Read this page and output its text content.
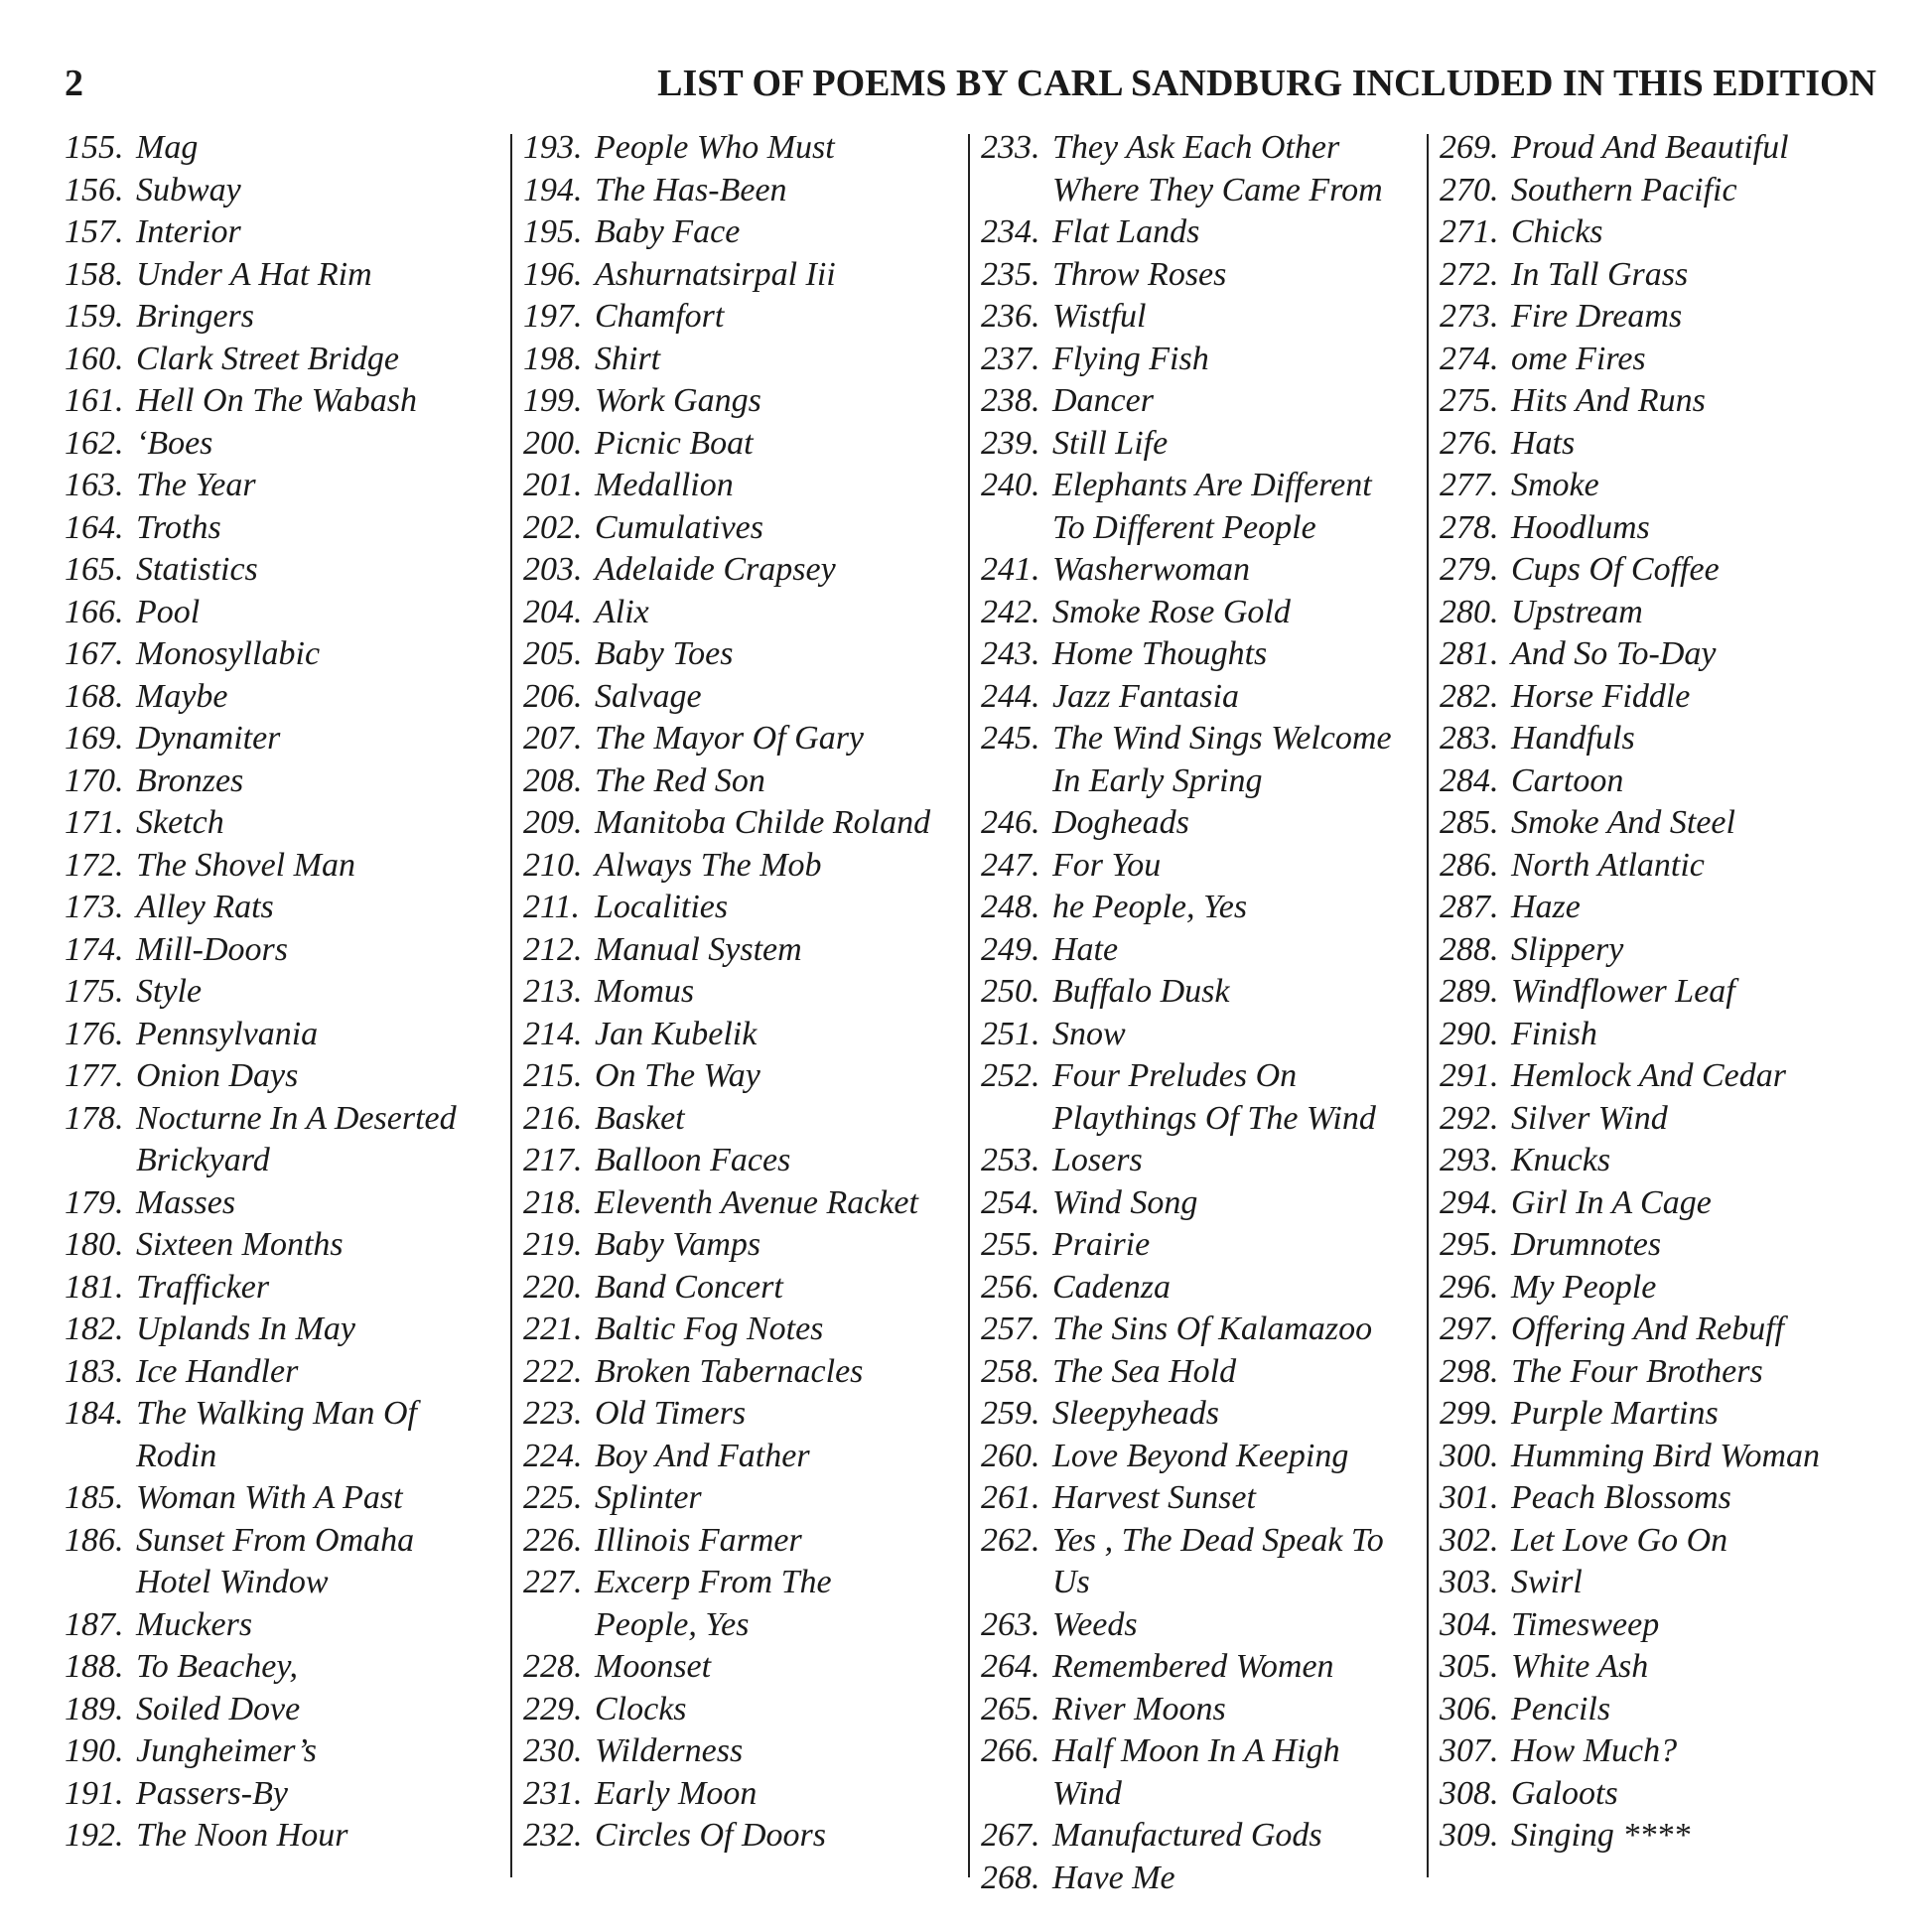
2	LIST OF POEMS BY CARL SANDBURG INCLUDED IN THIS EDITION
155. Mag
156. Subway
157. Interior
158. Under A Hat Rim
159. Bringers
160. Clark Street Bridge
161. Hell On The Wabash
162. ‘Boes
163. The Year
164. Troths
165. Statistics
166. Pool
167. Monosyllabic
168. Maybe
169. Dynamiter
170. Bronzes
171. Sketch
172. The Shovel Man
173. Alley Rats
174. Mill-Doors
175. Style
176. Pennsylvania
177. Onion Days
178. Nocturne In A Deserted
Brickyard
179. Masses
180. Sixteen Months
181. Trafficker
182. Uplands In May
183. Ice Handler
184. The Walking Man Of
Rodin
185. Woman With A Past
186. Sunset From Omaha
Hotel Window
187. Muckers
188. To Beachey,
189. Soiled Dove
190. Jungheimer’s
191. Passers-By
192. The Noon Hour
193. People Who Must
194. The Has-Been
195. Baby Face
196. Ashurnatsirpal Iii
197. Chamfort
198. Shirt
199. Work Gangs
200. Picnic Boat
201. Medallion
202. Cumulatives
203. Adelaide Crapsey
204. Alix
205. Baby Toes
206. Salvage
207. The Mayor Of Gary
208. The Red Son
209. Manitoba Childe Roland
210. Always The Mob
211. Localities
212. Manual System
213. Momus
214. Jan Kubelik
215. On The Way
216. Basket
217. Balloon Faces
218. Eleventh Avenue Racket
219. Baby Vamps
220. Band Concert
221. Baltic Fog Notes
222. Broken Tabernacles
223. Old Timers
224. Boy And Father
225. Splinter
226. Illinois Farmer
227. Excerp From The
People, Yes
228. Moonset
229. Clocks
230. Wilderness
231. Early Moon
232. Circles Of Doors
233. They Ask Each Other
Where They Came From
234. Flat Lands
235. Throw Roses
236. Wistful
237. Flying Fish
238. Dancer
239. Still Life
240. Elephants Are Different
To Different People
241. Washerwoman
242. Smoke Rose Gold
243. Home Thoughts
244. Jazz Fantasia
245. The Wind Sings Welcome
In Early Spring
246. Dogheads
247. For You
248. he People, Yes
249. Hate
250. Buffalo Dusk
251. Snow
252. Four Preludes On
Playthings Of The Wind
253. Losers
254. Wind Song
255. Prairie
256. Cadenza
257. The Sins Of Kalamazoo
258. The Sea Hold
259. Sleepyheads
260. Love Beyond Keeping
261. Harvest Sunset
262. Yes , The Dead Speak To
Us
263. Weeds
264. Remembered Women
265. River Moons
266. Half Moon In A High
Wind
267. Manufactured Gods
268. Have Me
269. Proud And Beautiful
270. Southern Pacific
271. Chicks
272. In Tall Grass
273. Fire Dreams
274. ome Fires
275. Hits And Runs
276. Hats
277. Smoke
278. Hoodlums
279. Cups Of Coffee
280. Upstream
281. And So To-Day
282. Horse Fiddle
283. Handfuls
284. Cartoon
285. Smoke And Steel
286. North Atlantic
287. Haze
288. Slippery
289. Windflower Leaf
290. Finish
291. Hemlock And Cedar
292. Silver Wind
293. Knucks
294. Girl In A Cage
295. Drumnotes
296. My People
297. Offering And Rebuff
298. The Four Brothers
299. Purple Martins
300. Humming Bird Woman
301. Peach Blossoms
302. Let Love Go On
303. Swirl
304. Timesweep
305. White Ash
306. Pencils
307. How Much?
308. Galoots
309. Singing ****
